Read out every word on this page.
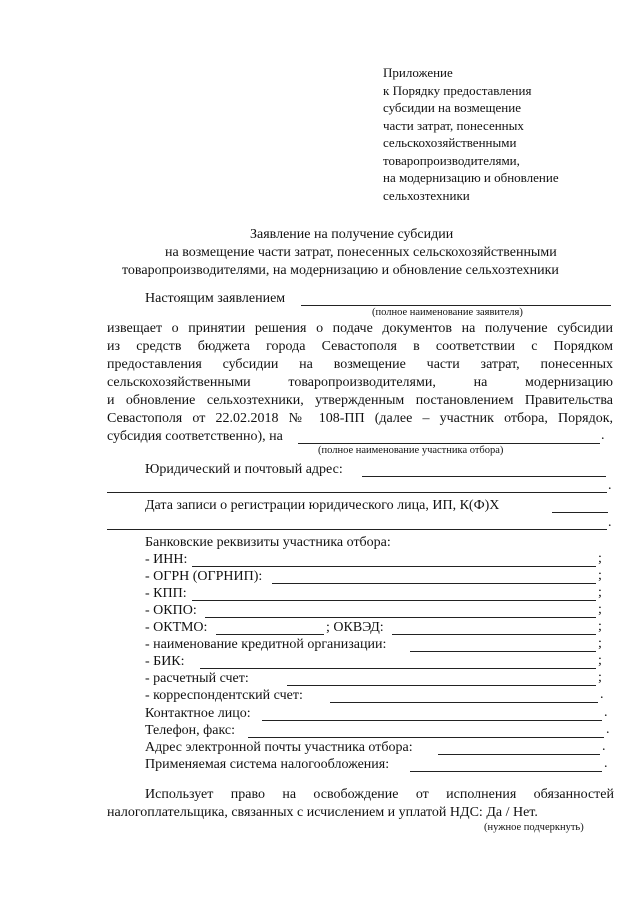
Приложение
к Порядку предоставления
субсидии на возмещение
части затрат, понесенных
сельскохозяйственными
товаропроизводителями,
на модернизацию и обновление
сельхозтехники
Заявление на получение субсидии
на возмещение части затрат, понесенных сельскохозяйственными
товаропроизводителями, на модернизацию и обновление сельхозтехники
Настоящим заявлением
(полное наименование заявителя)
извещает о принятии решения о подаче документов на получение субсидии
из средств бюджета города Севастополя в соответствии с Порядком
предоставления субсидии на возмещение части затрат, понесенных
сельскохозяйственными товаропроизводителями, на модернизацию
и обновление сельхозтехники, утвержденным постановлением Правительства
Севастополя от 22.02.2018 № 108-ПП (далее – участник отбора, Порядок,
субсидия соответственно), на	.
(полное наименование участника отбора)
Юридический и почтовый адрес:
.
Дата записи о регистрации юридического лица, ИП, К(Ф)Х
.
Банковские реквизиты участника отбора:
- ИНН:	;
- ОГРН (ОГРНИП):	;
- КПП:	;
- ОКПО:	;
- ОКТМО:	; ОКВЭД:	;
- наименование кредитной организации:	;
- БИК:	;
- расчетный счет:	;
- корреспондентский счет:	.
Контактное лицо:	.
Телефон, факс:	.
Адрес электронной почты участника отбора:	.
Применяемая система налогообложения:	.
Использует право на освобождение от исполнения обязанностей
налогоплательщика, связанных с исчислением и уплатой НДС: Да / Нет.
(нужное подчеркнуть)
